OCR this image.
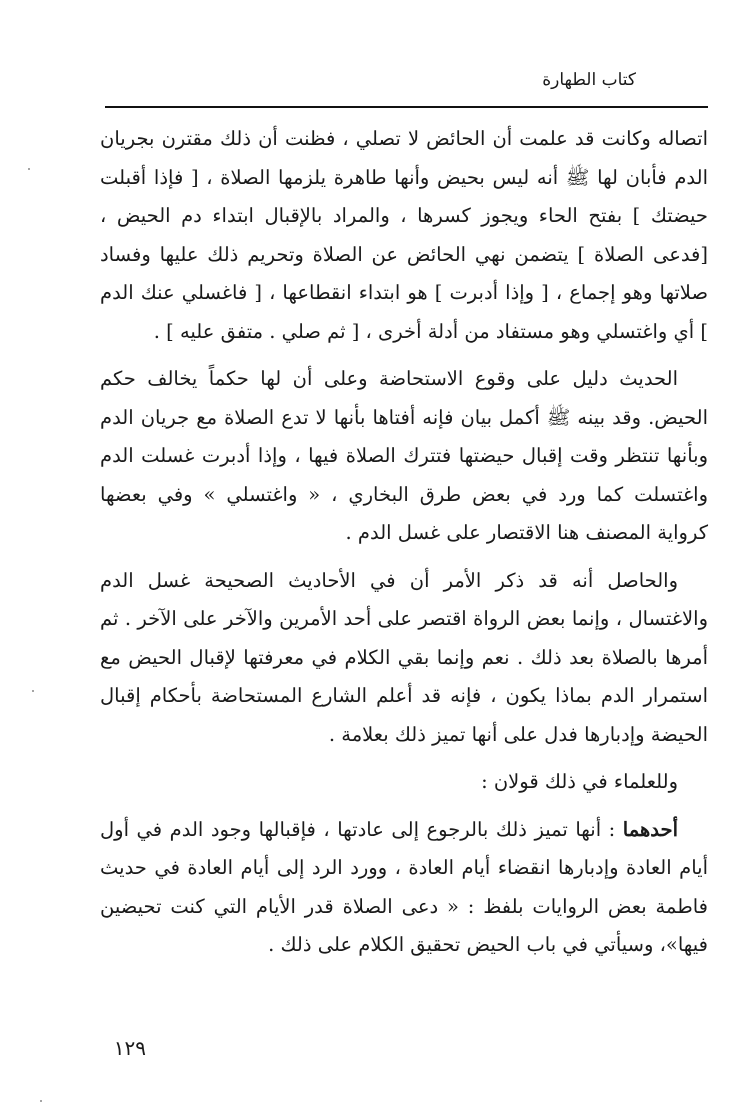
كتاب الطهارة

اتصاله وكانت قد علمت أن الحائض لا تصلي ، فظنت أن ذلك مقترن بجريان الدم فأبان لها ﷺ أنه ليس بحيض وأنها طاهرة يلزمها الصلاة ، [ فإذا أقبلت حيضتك ] بفتح الحاء ويجوز كسرها ، والمراد بالإقبال ابتداء دم الحيض ، [فدعى الصلاة ] يتضمن نهي الحائض عن الصلاة وتحريم ذلك عليها وفساد صلاتها وهو إجماع ، [ وإذا أدبرت ] هو ابتداء انقطاعها ، [ فاغسلي عنك الدم ] أي واغتسلي وهو مستفاد من أدلة أخرى ، [ ثم صلي . متفق عليه ] .

الحديث دليل على وقوع الاستحاضة وعلى أن لها حكماً يخالف حكم الحيض. وقد بينه ﷺ أكمل بيان فإنه أفتاها بأنها لا تدع الصلاة مع جريان الدم وبأنها تنتظر وقت إقبال حيضتها فتترك الصلاة فيها ، وإذا أدبرت غسلت الدم واغتسلت كما ورد في بعض طرق البخاري ، « واغتسلي » وفي بعضها كرواية المصنف هنا الاقتصار على غسل الدم .

والحاصل أنه قد ذكر الأمر أن في الأحاديث الصحيحة غسل الدم والاغتسال ، وإنما بعض الرواة اقتصر على أحد الأمرين والآخر على الآخر . ثم أمرها بالصلاة بعد ذلك . نعم وإنما بقي الكلام في معرفتها لإقبال الحيض مع استمرار الدم بماذا يكون ، فإنه قد أعلم الشارع المستحاضة بأحكام إقبال الحيضة وإدبارها فدل على أنها تميز ذلك بعلامة .

وللعلماء في ذلك قولان :

أحدهما : أنها تميز ذلك بالرجوع إلى عادتها ، فإقبالها وجود الدم في أول أيام العادة وإدبارها انقضاء أيام العادة ، وورد الرد إلى أيام العادة في حديث فاطمة بعض الروايات بلفظ : « دعى الصلاة قدر الأيام التي كنت تحيضين فيها»، وسيأتي في باب الحيض تحقيق الكلام على ذلك .

١٢٩
